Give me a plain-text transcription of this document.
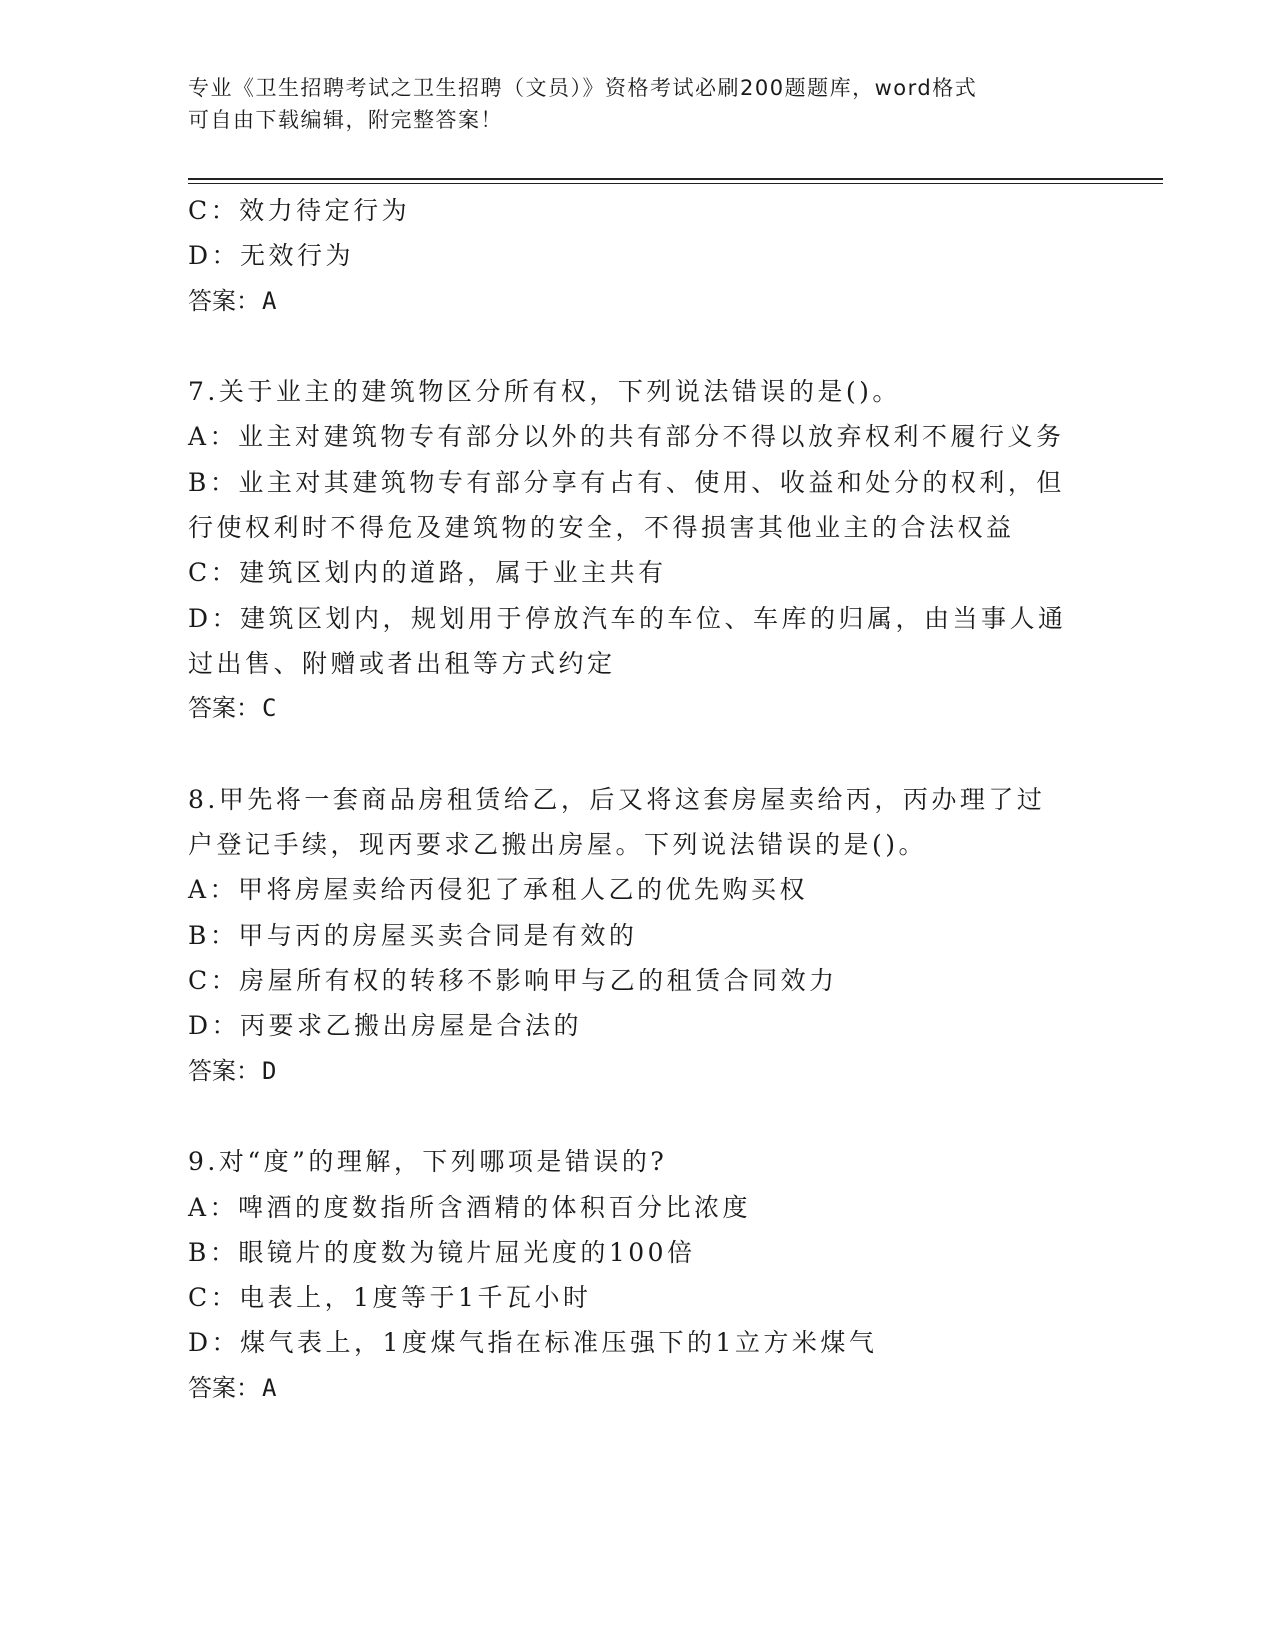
专业《卫生招聘考试之卫生招聘（文员）》资格考试必刷200题题库，word格式
可自由下载编辑，附完整答案！
C：效力待定行为
D：无效行为
答案：A
7.关于业主的建筑物区分所有权，下列说法错误的是()。
A：业主对建筑物专有部分以外的共有部分不得以放弃权利不履行义务
B：业主对其建筑物专有部分享有占有、使用、收益和处分的权利，但
行使权利时不得危及建筑物的安全，不得损害其他业主的合法权益
C：建筑区划内的道路，属于业主共有
D：建筑区划内，规划用于停放汽车的车位、车库的归属，由当事人通
过出售、附赠或者出租等方式约定
答案：C
8.甲先将一套商品房租赁给乙，后又将这套房屋卖给丙，丙办理了过
户登记手续，现丙要求乙搬出房屋。下列说法错误的是()。
A：甲将房屋卖给丙侵犯了承租人乙的优先购买权
B：甲与丙的房屋买卖合同是有效的
C：房屋所有权的转移不影响甲与乙的租赁合同效力
D：丙要求乙搬出房屋是合法的
答案：D
9.对“度”的理解，下列哪项是错误的?
A：啤酒的度数指所含酒精的体积百分比浓度
B：眼镜片的度数为镜片屈光度的100倍
C：电表上，1度等于1千瓦小时
D：煤气表上，1度煤气指在标准压强下的1立方米煤气
答案：A
